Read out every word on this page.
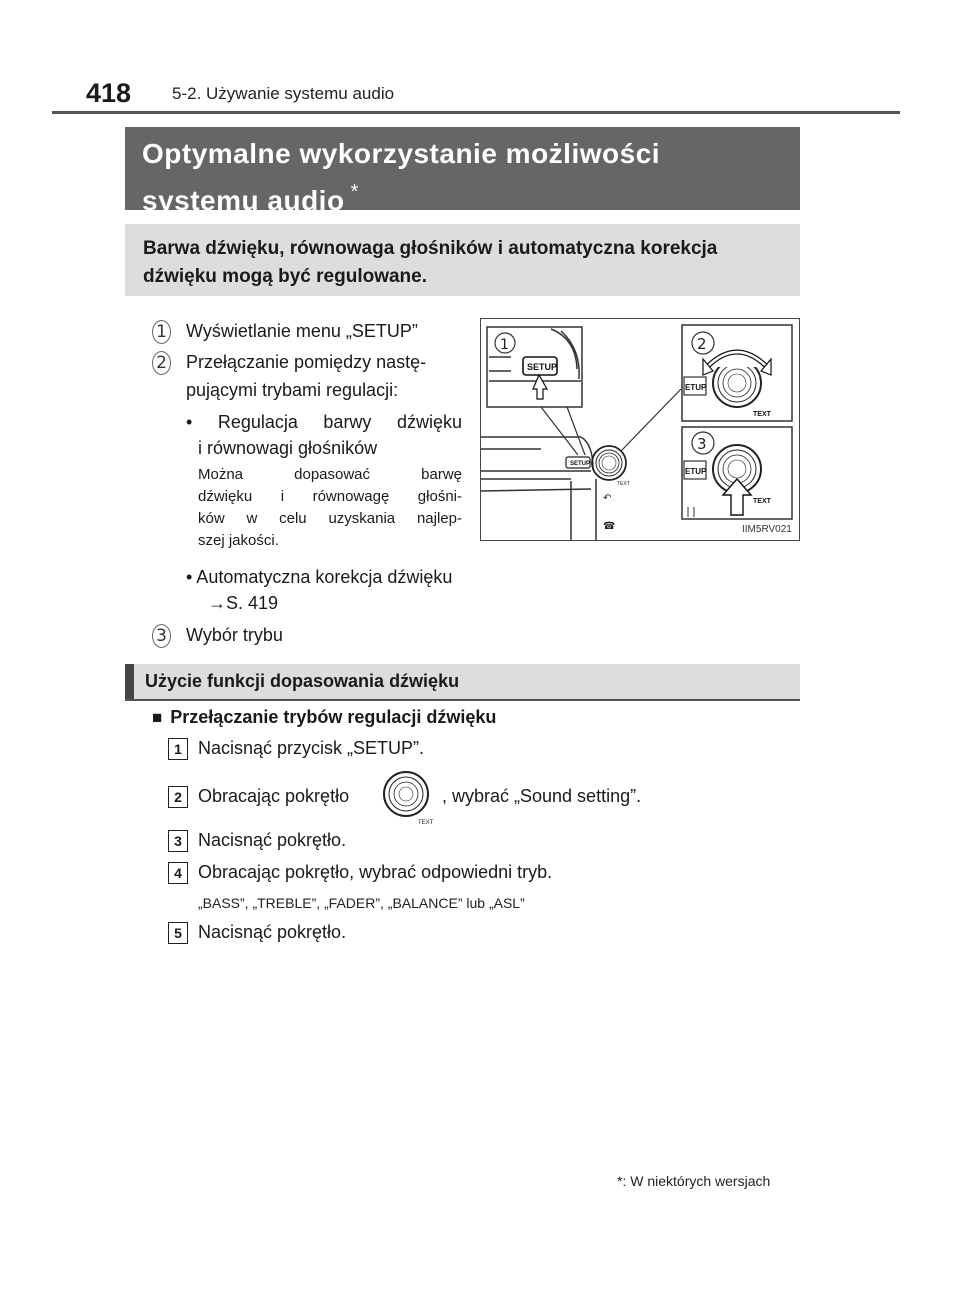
418 5-2. Używanie systemu audio
Optymalne wykorzystanie możliwości
systemu audio *
Barwa dźwięku, równowaga głośników i automatyczna korekcja dźwięku mogą być regulowane.
1 Wyświetlanie menu „SETUP”
2 Przełączanie pomiędzy nastę-
pującymi trybami regulacji:
• Regulacja barwy dźwięku
i równowagi głośników
Można dopasować barwę
dźwięku i równowagę głośni-
ków w celu uzyskania najlep-
szej jakości.
• Automatyczna korekcja dźwięku
→S. 419
3 Wybór trybu
SETUP
TEXT
↶
☎
SETUP
1
ETUP
TEXT
2
ETUP
TEXT
3
IIM5RV021
Użycie funkcji dopasowania dźwięku
■ Przełączanie trybów regulacji dźwięku
1 Nacisnąć przycisk „SETUP”.
2 Obracając pokrętło
TEXT
, wybrać „Sound setting”.
3 Nacisnąć pokrętło.
4 Obracając pokrętło, wybrać odpowiedni tryb.
„BASS”, „TREBLE”, „FADER”, „BALANCE” lub „ASL”
5 Nacisnąć pokrętło.
*: W niektórych wersjach
